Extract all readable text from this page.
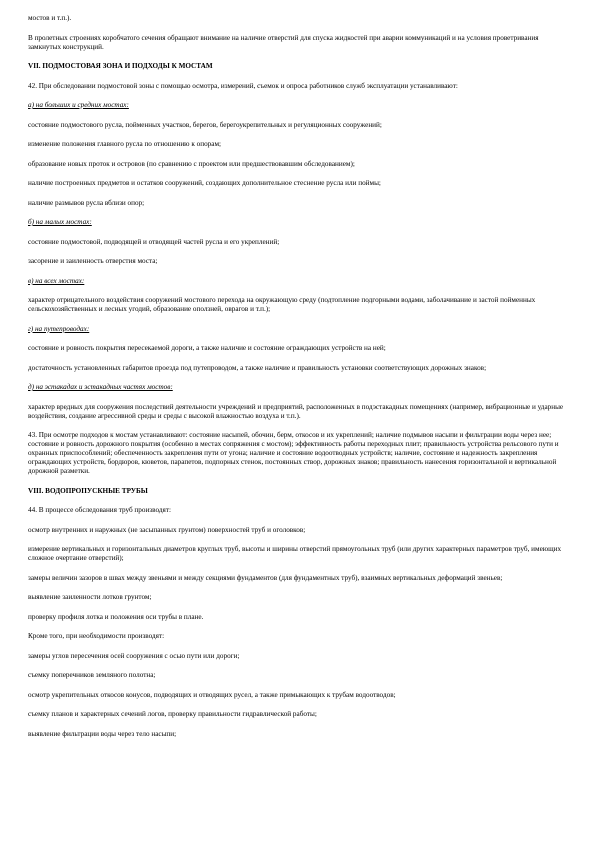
мостов и т.п.).

В пролетных строениях коробчатого сечения обращают внимание на наличие отверстий для спуска жидкостей при аварии коммуникаций и на условия проветривания замкнутых конструкций.

VII. ПОДМОСТОВАЯ ЗОНА И ПОДХОДЫ К МОСТАМ

42. При обследовании подмостовой зоны с помощью осмотра, измерений, съемок и опроса работников служб эксплуатации устанавливают:

а) на больших и средних мостах:

состояние подмостового русла, пойменных участков, берегов, берегоукрепительных и регуляционных сооружений;

изменение положения главного русла по отношению к опорам;

образование новых проток и островов (по сравнению с проектом или предшествовавшим обследованием);

наличие построенных предметов и остатков сооружений, создающих дополнительное стеснение русла или поймы;

наличие размывов русла вблизи опор;

б) на малых мостах:

состояние подмостовой, подводящей и отводящей частей русла и его укреплений;

засорение и заиленность отверстия моста;

в) на всех мостах:

характер отрицательного воздействия сооружений мостового перехода на окружающую среду (подтопление подгорными водами, заболачивание и застой пойменных сельскохозяйственных и лесных угодий, образование оползней, оврагов и т.п.);

г) на путепроводах:

состояние и ровность покрытия пересекаемой дороги, а также наличие и состояние ограждающих устройств на ней;

достаточность установленных габаритов проезда под путепроводом, а также наличие и правильность установки соответствующих дорожных знаков;

д) на эстакадах и эстакадных частях мостов:

характер вредных для сооружения последствий деятельности учреждений и предприятий, расположенных в подэстакадных помещениях (например, вибрационные и ударные воздействия, создание агрессивной среды и среды с высокой влажностью воздуха и т.п.).

43. При осмотре подходов к мостам устанавливают: состояние насыпей, обочин, берм, откосов и их укреплений; наличие подмывов насыпи и фильтрации воды через нее; состояние и ровность дорожного покрытия (особенно в местах сопряжения с мостом); эффективность работы переходных плит; правильность устройства рельсового пути и охранных приспособлений; обеспеченность закрепления пути от угона; наличие и состояние водоотводных устройств; наличие, состояние и надежность закрепления ограждающих устройств, бордюров, кюветов, парапетов, подпорных стенок, постоянных створ, дорожных знаков; правильность нанесения горизонтальной и вертикальной дорожной разметки.

VIII. ВОДОПРОПУСКНЫЕ ТРУБЫ

44. В процессе обследования труб производят:

осмотр внутренних и наружных (не засыпанных грунтом) поверхностей труб и оголовков;

измерение вертикальных и горизонтальных диаметров круглых труб, высоты и ширины отверстий прямоугольных труб (или других характерных параметров труб, имеющих сложное очертание отверстий);

замеры величин зазоров в швах между звеньями и между секциями фундаментов (для фундаментных труб), взаимных вертикальных деформаций звеньев;

выявление заиленности лотков грунтом;

проверку профиля лотка и положения оси трубы в плане.

Кроме того, при необходимости производят:

замеры углов пересечения осей сооружения с осью пути или дороги;

съемку поперечников земляного полотна;

осмотр укрепительных откосов конусов, подводящих и отводящих русел, а также примыкающих к трубам водоотводов;

съемку планов и характерных сечений логов, проверку правильности гидравлической работы;

выявление фильтрации воды через тело насыпи;
